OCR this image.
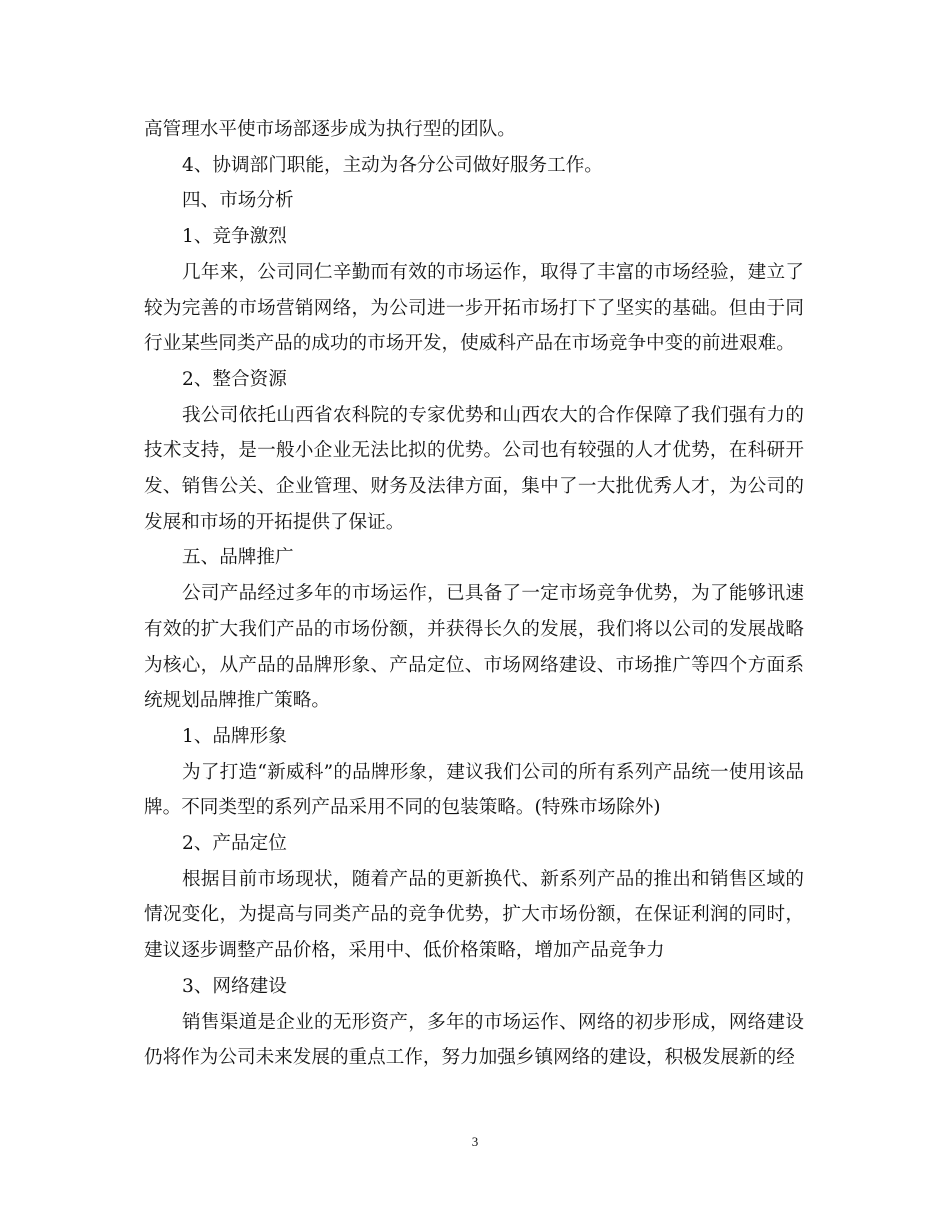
高管理水平使市场部逐步成为执行型的团队。

4、协调部门职能，主动为各分公司做好服务工作。

四、市场分析

1、竞争激烈

几年来，公司同仁辛勤而有效的市场运作，取得了丰富的市场经验，建立了较为完善的市场营销网络，为公司进一步开拓市场打下了坚实的基础。但由于同行业某些同类产品的成功的市场开发，使威科产品在市场竞争中变的前进艰难。

2、整合资源

我公司依托山西省农科院的专家优势和山西农大的合作保障了我们强有力的技术支持，是一般小企业无法比拟的优势。公司也有较强的人才优势，在科研开发、销售公关、企业管理、财务及法律方面，集中了一大批优秀人才，为公司的发展和市场的开拓提供了保证。

五、品牌推广

公司产品经过多年的市场运作，已具备了一定市场竞争优势，为了能够讯速有效的扩大我们产品的市场份额，并获得长久的发展，我们将以公司的发展战略为核心，从产品的品牌形象、产品定位、市场网络建设、市场推广等四个方面系统规划品牌推广策略。

1、品牌形象

为了打造“新威科”的品牌形象，建议我们公司的所有系列产品统一使用该品牌。不同类型的系列产品采用不同的包装策略。(特殊市场除外)

2、产品定位

根据目前市场现状，随着产品的更新换代、新系列产品的推出和销售区域的情况变化，为提高与同类产品的竞争优势，扩大市场份额，在保证利润的同时，建议逐步调整产品价格，采用中、低价格策略，增加产品竞争力

3、网络建设

销售渠道是企业的无形资产，多年的市场运作、网络的初步形成，网络建设仍将作为公司未来发展的重点工作，努力加强乡镇网络的建设，积极发展新的经

3
